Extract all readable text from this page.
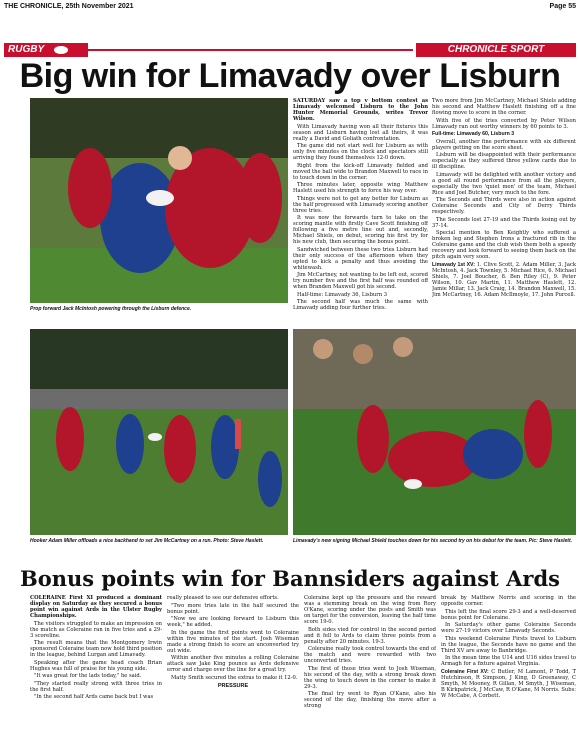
THE CHRONICLE, 25th November 2021	Page 55
RUGBY	CHRONICLE SPORT
Big win for Limavady over Lisburn
Prop forward Jack McIntosh powering through the Lisburn defence.

SATURDAY saw a top v bottom contest as Limavady welcomed Lisburn to the John Hunter Memorial Grounds, writes Trevor Wilson.

With Limavady having won all their fixtures this season and Lisburn having lost all theirs, it was really a David and Goliath confrontation.

The game did not start well for Lisburn as with only five minutes on the clock and spectators still arriving they found themselves 12-0 down.

Right from the kick-off Limavady fielded and moved the ball wide to Brandon Maxwell to race in to touch down in the corner.

Three minutes later, opposite wing Matthew Haslett used his strength to force his way over.

Things were not to get any better for Lisburn as the half progressed with Limavady scoring another three tries.

It was now the forwards turn to take on the scoring mantle with firstly Cave Scott finishing off following a five metre line out and, secondly, Michael Shiels, on debut, scoring his first try for his new club, then securing the bonus point.

Sandwiched between these two tries Lisburn had their only success of the afternoon when they opted to kick a penalty and thus avoiding the whitewash.

Jim McCartney, not wanting to be left out, scored try number five and the first half was rounded off when Branden Maxwell got his second.

Half-time: Limavady 36, Lisburn 3

The second half was much the same with Limavady adding four further tries.

Two more from Jim McCartney, Michael Shiels adding his second and Matthew Haslett finishing off a fine flowing move to score in the corner.

With five of the tries converted by Peter Wilson Limavady ran out worthy winners by 60 points to 3.

Full-time: Limavady 60, Lisburn 3

Overall, another fine performance with six different players getting on the score sheet.

Lisburn will be disappointed with their performance especially as they suffered three yellow cards due to ill discipline.

Limavady will be delighted with another victory and a good all round performance from all the players, especially the two 'quiet men' of the team, Michael Rice and Joel Butcher, very much to the fore.

The Seconds and Thirds were also in action against Coleraine Seconds and City of Derry Thirds respectively.

The Seconds lost 27-19 and the Thirds losing out by 37-14.

Special mention to Ben Keightly who suffered a broken leg and Stephen Irons a fractured rib in the Coleraine game and the club wish them both a speedy recovery and look forward to seeing them back on the pitch again very soon.

Limavady 1st XV: 1. Clive Scott, 2. Adam Miller, 3. Jack McIntosh, 4. Jack Townley, 5. Michael Rice, 6. Michael Shiels, 7. Joel Boucher, 8. Ben Riley (C), 9. Peter Wilson, 10. Gav Martin, 11. Matthew Haslett, 12. Jamie Millar, 13. Jack Craig, 14. Brandon Maxwell, 15. Jim McCartney, 16. Adam McIlmoyle, 17. John Purcell.

Hooker Adam Miller offloads a nice backhand to set Jim McCartney on a run. Photo: Steve Haslett.	Limavady's new signing Michael Shield touches down for his second try on his debut for the team. Pic: Steve Haslett.
Bonus points win for Bannsiders against Ards

COLERAINE First XI produced a dominant display on Saturday as they secured a bonus point win against Ards in the Ulster Rugby Championships.

The visitors struggled to make an impression on the match as Coleraine ran in five tries and a 29-3 scoreline.

The result means that the Montgomery Irwin sponsored Coleraine team now hold third position in the league, behind Lurgan and Limavady.

Speaking after the game head coach Brian Hughes was full of praise for his young side.

"It was great for the lads today," he said.

"They started really strong with three tries in the first half.

"In the second half Ards came back but I was

really pleased to see our defensive efforts.

"Two more tries late in the half secured the bonus point.

"Now we are looking forward to Lisburn this week," he added.

In the game the first points went to Coleraine within five minutes of the start. Josh Wiseman made a strong finish to score an unconverted try out wide.

Within another five minutes a rolling Coleraine attack saw Jake King pounce as Ards defensive error and charge over the line for a great try.

Matty Smith secured the extras to make it 12-0.

PRESSURE

Coleraine kept up the pressure and the reward was a stemming break on the wing from Rory O'Kane, scoring under the posts and Smith was on target for the conversion, leaving the half time score 19-0.

Both sides vied for control in the second period and it fell to Ards to claim three points from a penalty after 20 minutes. 19-3.

Coleraine really took control towards the end of the match and were rewarded with two unconverted tries.

The first of those tries went to Josh Wiseman, his second of the day, with a strong break down the wing to touch down in the corner to make it 29-3.

The final try went to Ryan O'Kane, also his second of the day, finishing the move after a strong

break by Matthew Norris and scoring in the opposite corner.

This left the final score 29-3 and a well-deserved bonus point for Coleraine.

In Saturday's other game Coleraine Seconds were 27-19 victors over Limavady Seconds.

This weekend Coleraine Firsts travel to Lisburn in the league, the Seconds have no game and the Third XV are away to Banbridge.

In the mean time the U14 and U16 sides travel to Armagh for a fixture against Virginia.

Coleraine First XV: C Butler, M Lamont, P Todd, T Hutchinson, R Simpson, J King, D Greenaway, C Smyth, M Mooney, R Gillan, M Smyth, J Wiseman, B Kirkpatrick, J McCaw, R O'Kane, M Norris. Subs: W McCabe, A Corbett.
